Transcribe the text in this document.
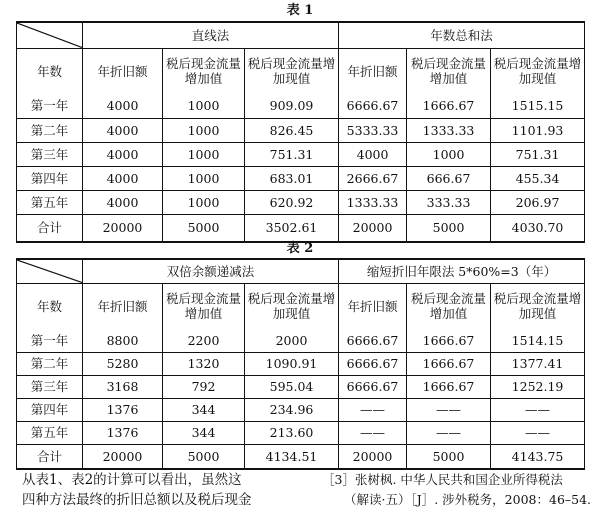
表 1
	直线法			年数总和法		
年数	年折旧额	税后现金流量增加值	税后现金流量增加现值	年折旧额	税后现金流量增加值	税后现金流量增加现值
第一年	4000	1000	909.09	6666.67	1666.67	1515.15
第二年	4000	1000	826.45	5333.33	1333.33	1101.93
第三年	4000	1000	751.31	4000	1000	751.31
第四年	4000	1000	683.01	2666.67	666.67	455.34
第五年	4000	1000	620.92	1333.33	333.33	206.97
合计	20000	5000	3502.61	20000	5000	4030.70
表 2
	双倍余额递减法			缩短折旧年限法 5*60%=3（年）		
年数	年折旧额	税后现金流量增加值	税后现金流量增加现值	年折旧额	税后现金流量增加值	税后现金流量增加现值
第一年	8800	2200	2000	6666.67	1666.67	1514.15
第二年	5280	1320	1090.91	6666.67	1666.67	1377.41
第三年	3168	792	595.04	6666.67	1666.67	1252.19
第四年	1376	344	234.96	——	——	——
第五年	1376	344	213.60	——	——	——
合计	20000	5000	4134.51	20000	5000	4143.75
从表1、表2的计算可以看出，虽然这
四种方法最终的折旧总额以及税后现金
［3］张树枫. 中华人民共和国企业所得税法
（解读·五）［J］. 涉外税务，2008：46–54.
